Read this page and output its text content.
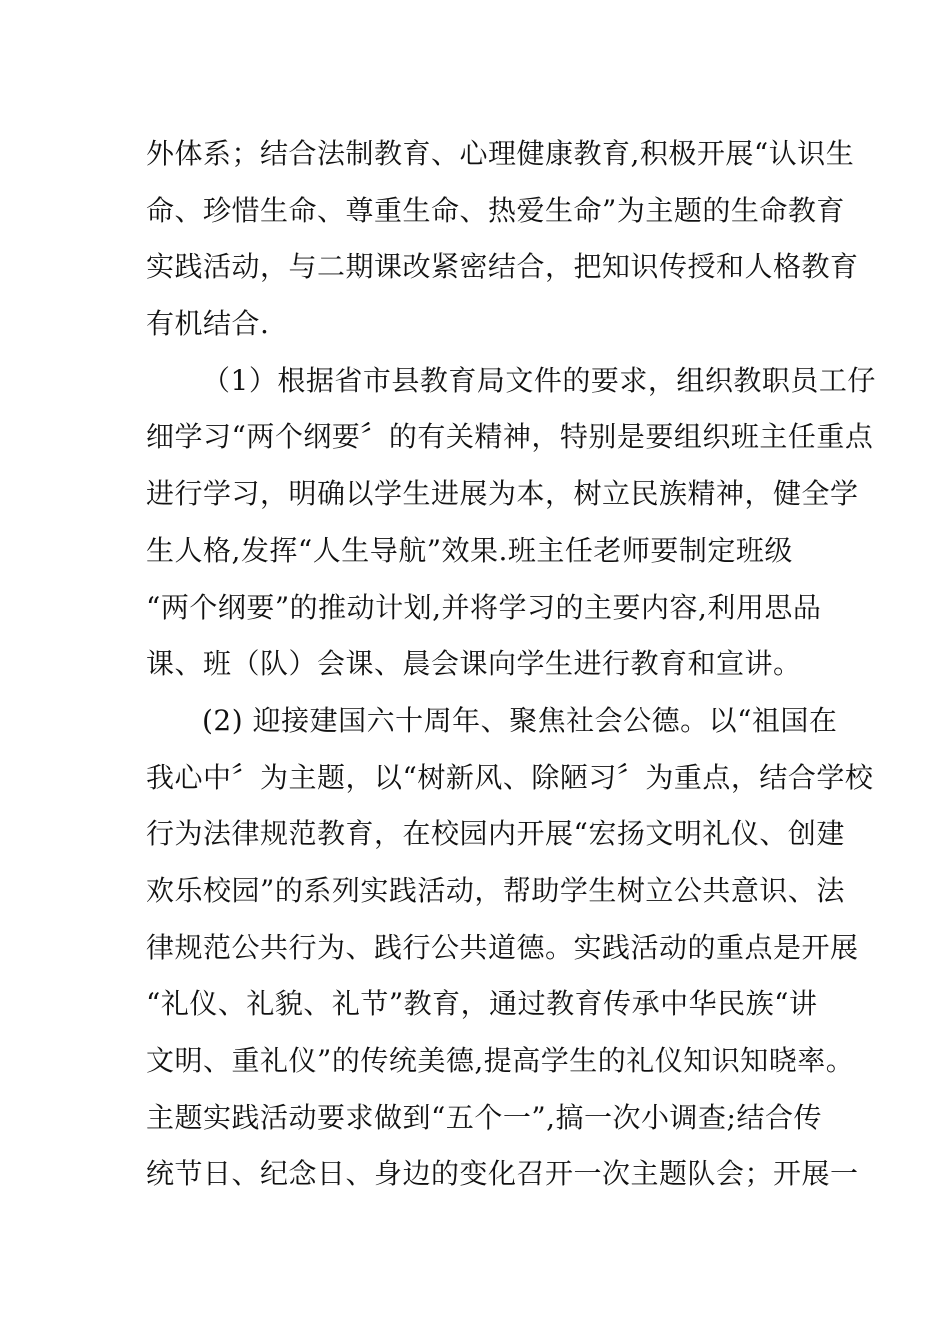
外体系；结合法制教育、心理健康教育,积极开展“认识生
命、珍惜生命、尊重生命、热爱生命”为主题的生命教育
实践活动，与二期课改紧密结合，把知识传授和人格教育
有机结合.
（1）根据省市县教育局文件的要求，组织教职员工仔
细学习“两个纲要〞的有关精神，特别是要组织班主任重点
进行学习，明确以学生进展为本，树立民族精神，健全学
生人格,发挥“人生导航”效果.班主任老师要制定班级
“两个纲要”的推动计划,并将学习的主要内容,利用思品
课、班（队）会课、晨会课向学生进行教育和宣讲。
(2) 迎接建国六十周年、聚焦社会公德。以“祖国在
我心中〞为主题，以“树新风、除陋习〞为重点，结合学校
行为法律规范教育，在校园内开展“宏扬文明礼仪、创建
欢乐校园”的系列实践活动，帮助学生树立公共意识、法
律规范公共行为、践行公共道德。实践活动的重点是开展
“礼仪、礼貌、礼节”教育，通过教育传承中华民族“讲
文明、重礼仪”的传统美德,提高学生的礼仪知识知晓率。
主题实践活动要求做到“五个一”,搞一次小调查;结合传
统节日、纪念日、身边的变化召开一次主题队会；开展一
